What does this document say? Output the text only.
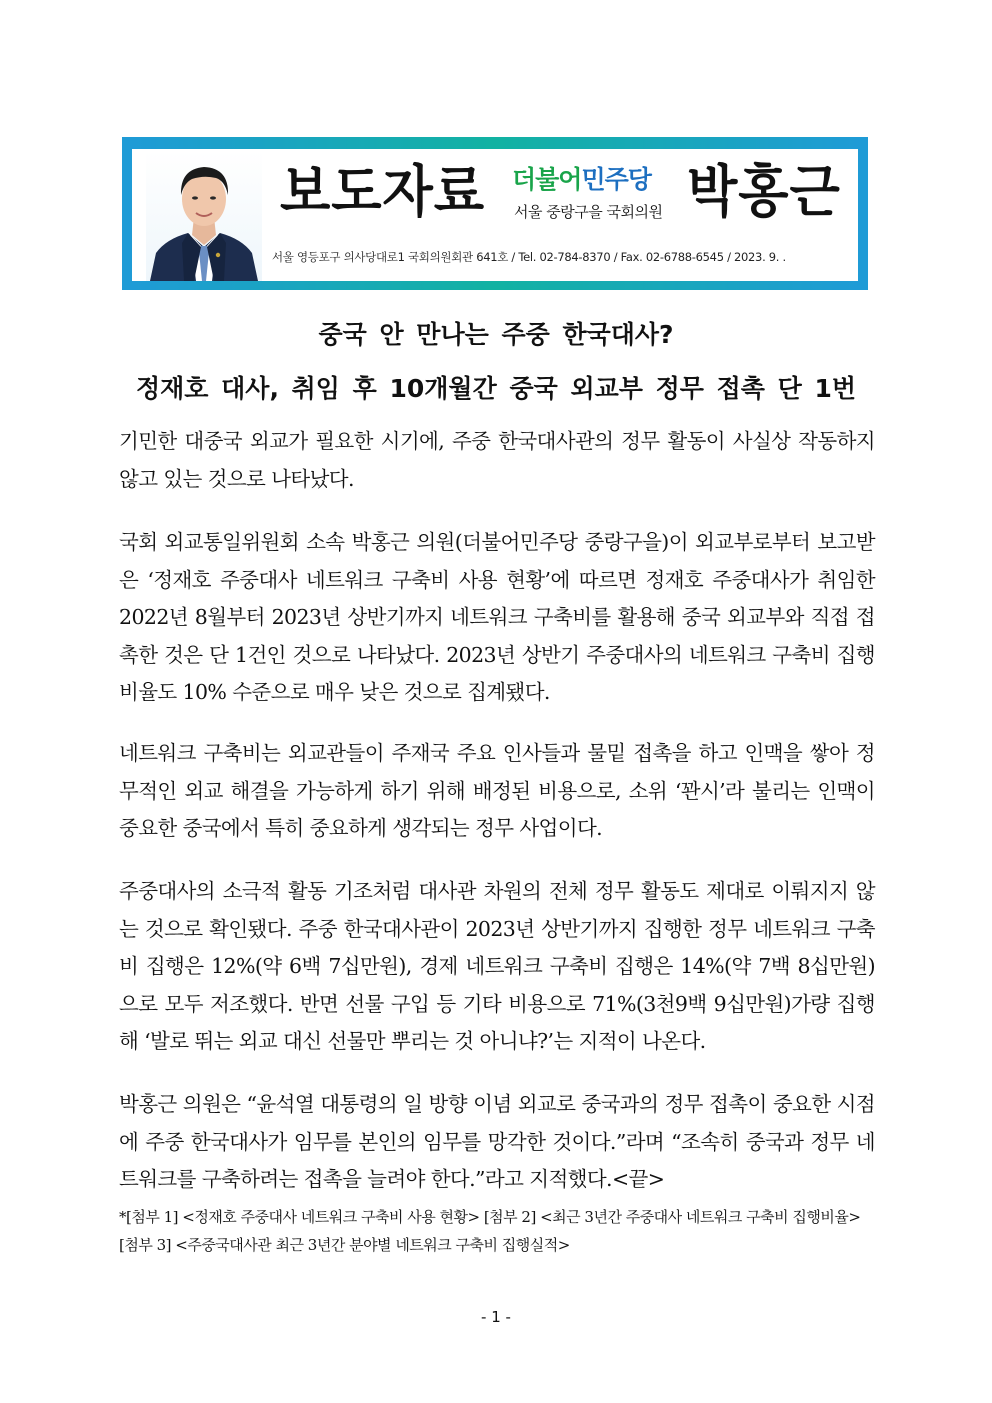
보도자료 더불어민주당
서울 중랑구을 국회의원 박홍근
서울 영등포구 의사당대로1 국회의원회관 641호 / Tel. 02-784-8370 / Fax. 02-6788-6545 / 2023. 9. .
중국 안 만나는 주중 한국대사?
정재호 대사, 취임 후 10개월간 중국 외교부 정무 접촉 단 1번

기민한 대중국 외교가 필요한 시기에, 주중 한국대사관의 정무 활동이 사실상 작동하지 않고 있는 것으로 나타났다.

국회 외교통일위원회 소속 박홍근 의원(더불어민주당 중랑구을)이 외교부로부터 보고받은 ‘정재호 주중대사 네트워크 구축비 사용 현황’에 따르면 정재호 주중대사가 취임한 2022년 8월부터 2023년 상반기까지 네트워크 구축비를 활용해 중국 외교부와 직접 접촉한 것은 단 1건인 것으로 나타났다. 2023년 상반기 주중대사의 네트워크 구축비 집행 비율도 10% 수준으로 매우 낮은 것으로 집계됐다.

네트워크 구축비는 외교관들이 주재국 주요 인사들과 물밑 접촉을 하고 인맥을 쌓아 정무적인 외교 해결을 가능하게 하기 위해 배정된 비용으로, 소위 ‘꽌시’라 불리는 인맥이 중요한 중국에서 특히 중요하게 생각되는 정무 사업이다.

주중대사의 소극적 활동 기조처럼 대사관 차원의 전체 정무 활동도 제대로 이뤄지지 않는 것으로 확인됐다. 주중 한국대사관이 2023년 상반기까지 집행한 정무 네트워크 구축비 집행은 12%(약 6백 7십만원), 경제 네트워크 구축비 집행은 14%(약 7백 8십만원)으로 모두 저조했다. 반면 선물 구입 등 기타 비용으로 71%(3천9백 9십만원)가량 집행해 ‘발로 뛰는 외교 대신 선물만 뿌리는 것 아니냐?’는 지적이 나온다.

박홍근 의원은 “윤석열 대통령의 일 방향 이념 외교로 중국과의 정무 접촉이 중요한 시점에 주중 한국대사가 임무를 본인의 임무를 망각한 것이다.”라며 “조속히 중국과 정무 네트워크를 구축하려는 접촉을 늘려야 한다.”라고 지적했다.<끝>

*[첨부 1] <정재호 주중대사 네트워크 구축비 사용 현황> [첨부 2] <최근 3년간 주중대사 네트워크 구축비 집행비율> [첨부 3] <주중국대사관 최근 3년간 분야별 네트워크 구축비 집행실적>

- 1 -
